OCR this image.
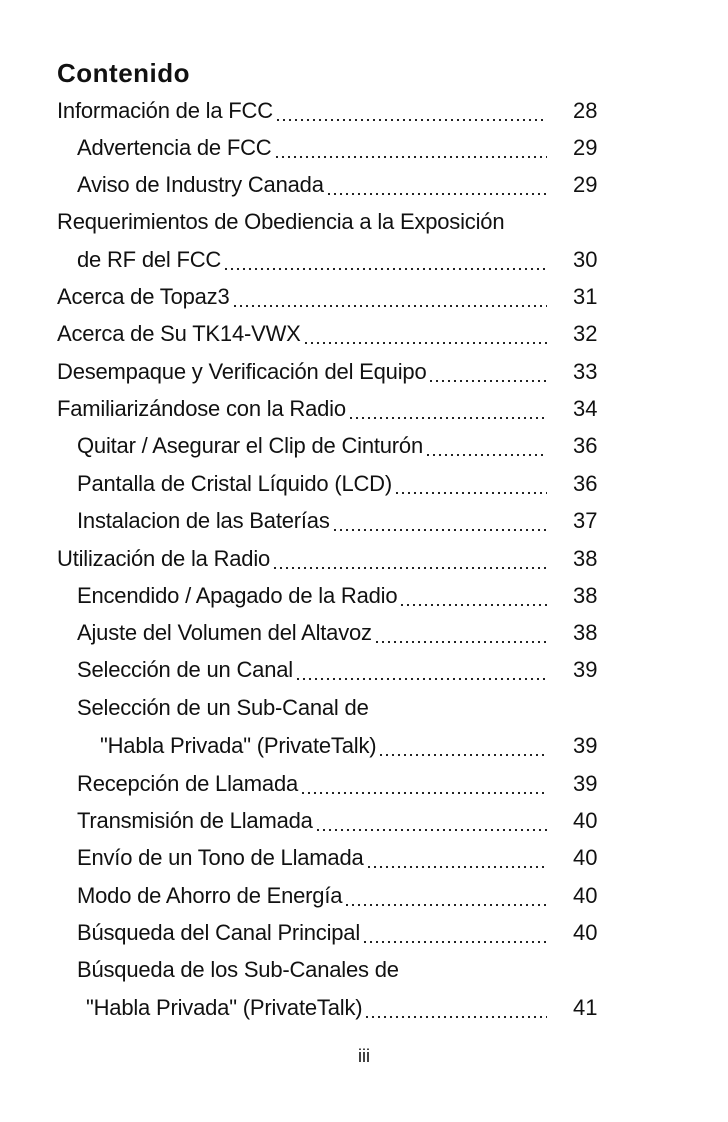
Contenido
Información de la FCC	28
Advertencia de FCC	29
Aviso de Industry Canada	29
Requerimientos de Obediencia a la Exposición
de RF del FCC	30
Acerca de Topaz3	31
Acerca de Su TK14-VWX	32
Desempaque y Verificación del Equipo	33
Familiarizándose con la Radio	34
Quitar / Asegurar el Clip de Cinturón	36
Pantalla de Cristal Líquido (LCD)	36
Instalacion de las Baterías	37
Utilización de la Radio	38
Encendido / Apagado de la Radio	38
Ajuste del Volumen del Altavoz	38
Selección de un Canal	39
Selección de un Sub-Canal de
"Habla Privada" (PrivateTalk)	39
Recepción de Llamada	39
Transmisión de Llamada	40
Envío de un Tono de Llamada	40
Modo de Ahorro de Energía	40
Búsqueda del Canal Principal	40
Búsqueda de los Sub-Canales de
"Habla Privada" (PrivateTalk)	41
iii
